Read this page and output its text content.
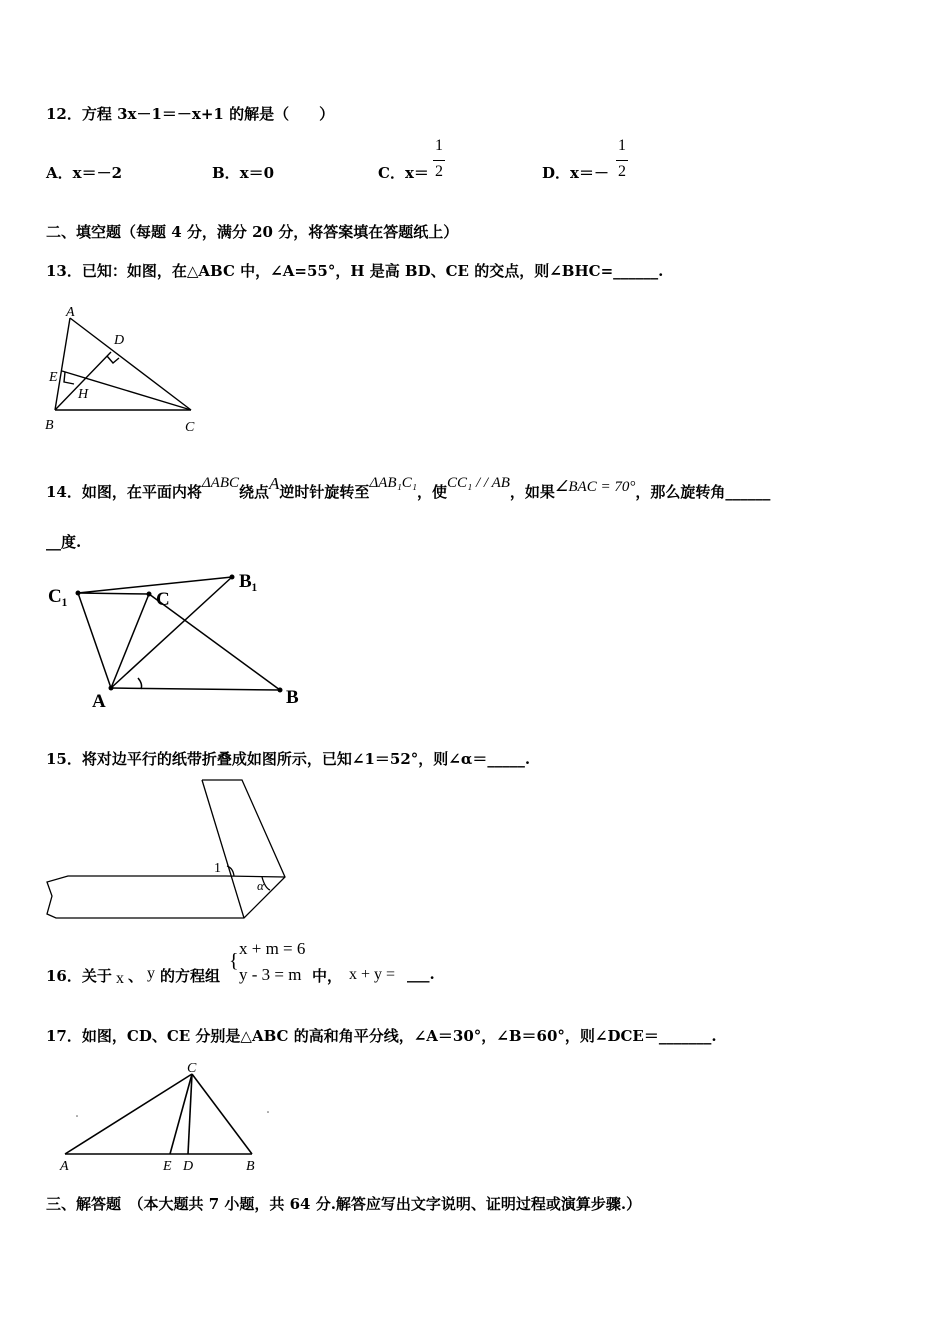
12．方程 3x－1＝－x+1 的解是（　　）
A．x＝－2	B．x＝0	C．x＝
1
2	D．x＝－
1
2
二、填空题（每题 4 分，满分 20 分，将答案填在答题纸上）
13．已知：如图，在△ABC 中，∠A=55°，H 是高 BD、CE 的交点，则∠BHC=______.
A
D
E
H
B	C
14．如图，在平面内将ΔABC绕点A逆时针旋转至ΔAB₁C₁，使CC₁ / / AB，如果∠BAC = 70°，那么旋转角______
__度.
C₁	C
B₁
A	B
15．将对边平行的纸带折叠成如图所示，已知∠1＝52°，则∠α＝_____.
1
α
x + m = 6
y - 3 = m
{
16．关于 x 、 y 的方程组	中， x + y = ___.
17．如图，CD、CE 分别是△ABC 的高和角平分线，∠A＝30°，∠B＝60°，则∠DCE＝_______.
C
A	E D	B
三、解答题　（本大题共 7 小题，共 64 分.解答应写出文字说明、证明过程或演算步骤.）
